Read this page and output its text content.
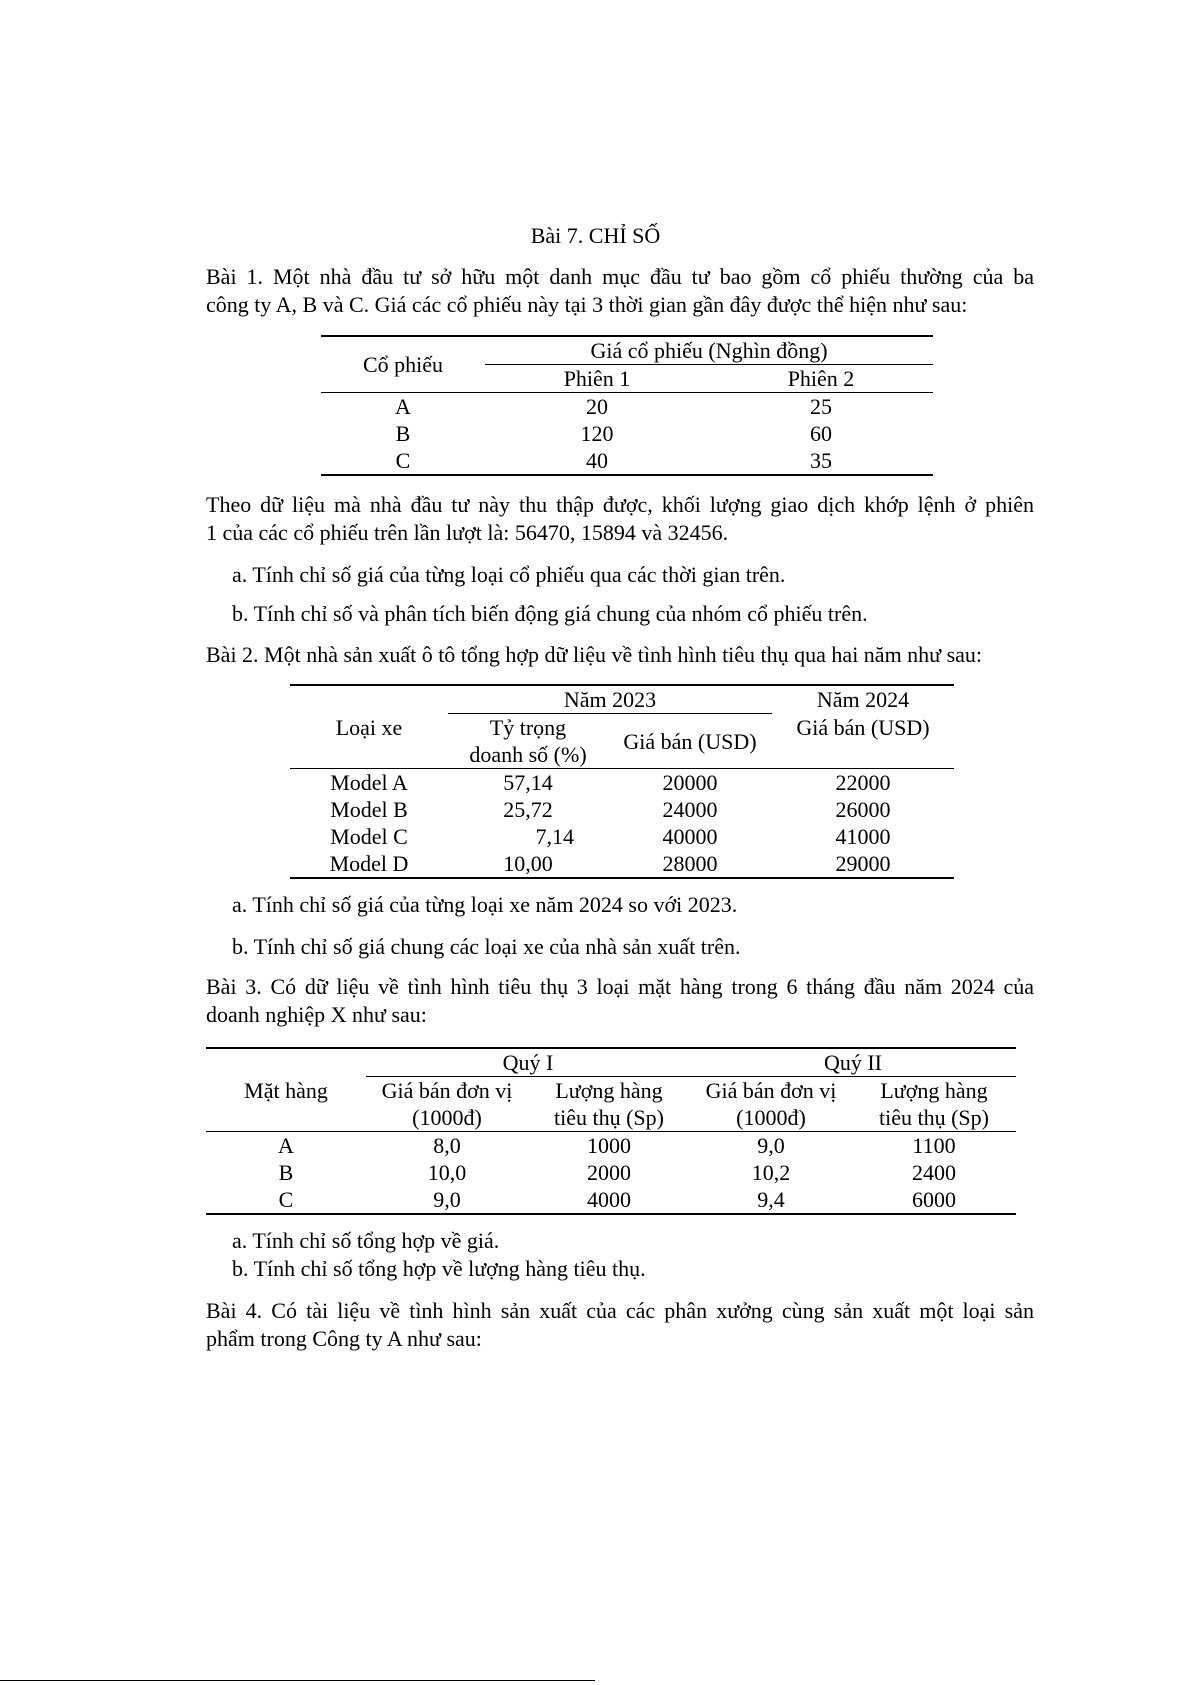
Bài 7. CHỈ SỐ
Bài 1. Một nhà đầu tư sở hữu một danh mục đầu tư bao gồm cổ phiếu thường của ba
công ty A, B và C. Giá các cổ phiếu này tại 3 thời gian gần đây được thể hiện như sau:
Cổ phiếu	Giá cổ phiếu (Nghìn đồng)	
	Phiên 1	Phiên 2
A	20	25
B	120	60
C	40	35
Theo dữ liệu mà nhà đầu tư này thu thập được, khối lượng giao dịch khớp lệnh ở phiên
1 của các cổ phiếu trên lần lượt là: 56470, 15894 và 32456.
a. Tính chỉ số giá của từng loại cổ phiếu qua các thời gian trên.
b. Tính chỉ số và phân tích biến động giá chung của nhóm cổ phiếu trên.
Bài 2. Một nhà sản xuất ô tô tổng hợp dữ liệu về tình hình tiêu thụ qua hai năm như sau:
Loại xe	Năm 2023		Năm 2024
	Tỷ trọng	Giá bán (USD)	Giá bán (USD)
	doanh số (%)		
Model A	57,14	20000	22000
Model B	25,72	24000	26000
Model C	7,14	40000	41000
Model D	10,00	28000	29000
a. Tính chỉ số giá của từng loại xe năm 2024 so với 2023.
b. Tính chỉ số giá chung các loại xe của nhà sản xuất trên.
Bài 3. Có dữ liệu về tình hình tiêu thụ 3 loại mặt hàng trong 6 tháng đầu năm 2024 của
doanh nghiệp X như sau:
Mặt hàng	Quý I		Quý II	
	Giá bán đơn vị	Lượng hàng	Giá bán đơn vị	Lượng hàng
	(1000đ)	tiêu thụ (Sp)	(1000đ)	tiêu thụ (Sp)
A	8,0	1000	9,0	1100
B	10,0	2000	10,2	2400
C	9,0	4000	9,4	6000
a. Tính chỉ số tổng hợp về giá.
b. Tính chỉ số tổng hợp về lượng hàng tiêu thụ.
Bài 4. Có tài liệu về tình hình sản xuất của các phân xưởng cùng sản xuất một loại sản
phẩm trong Công ty A như sau:
